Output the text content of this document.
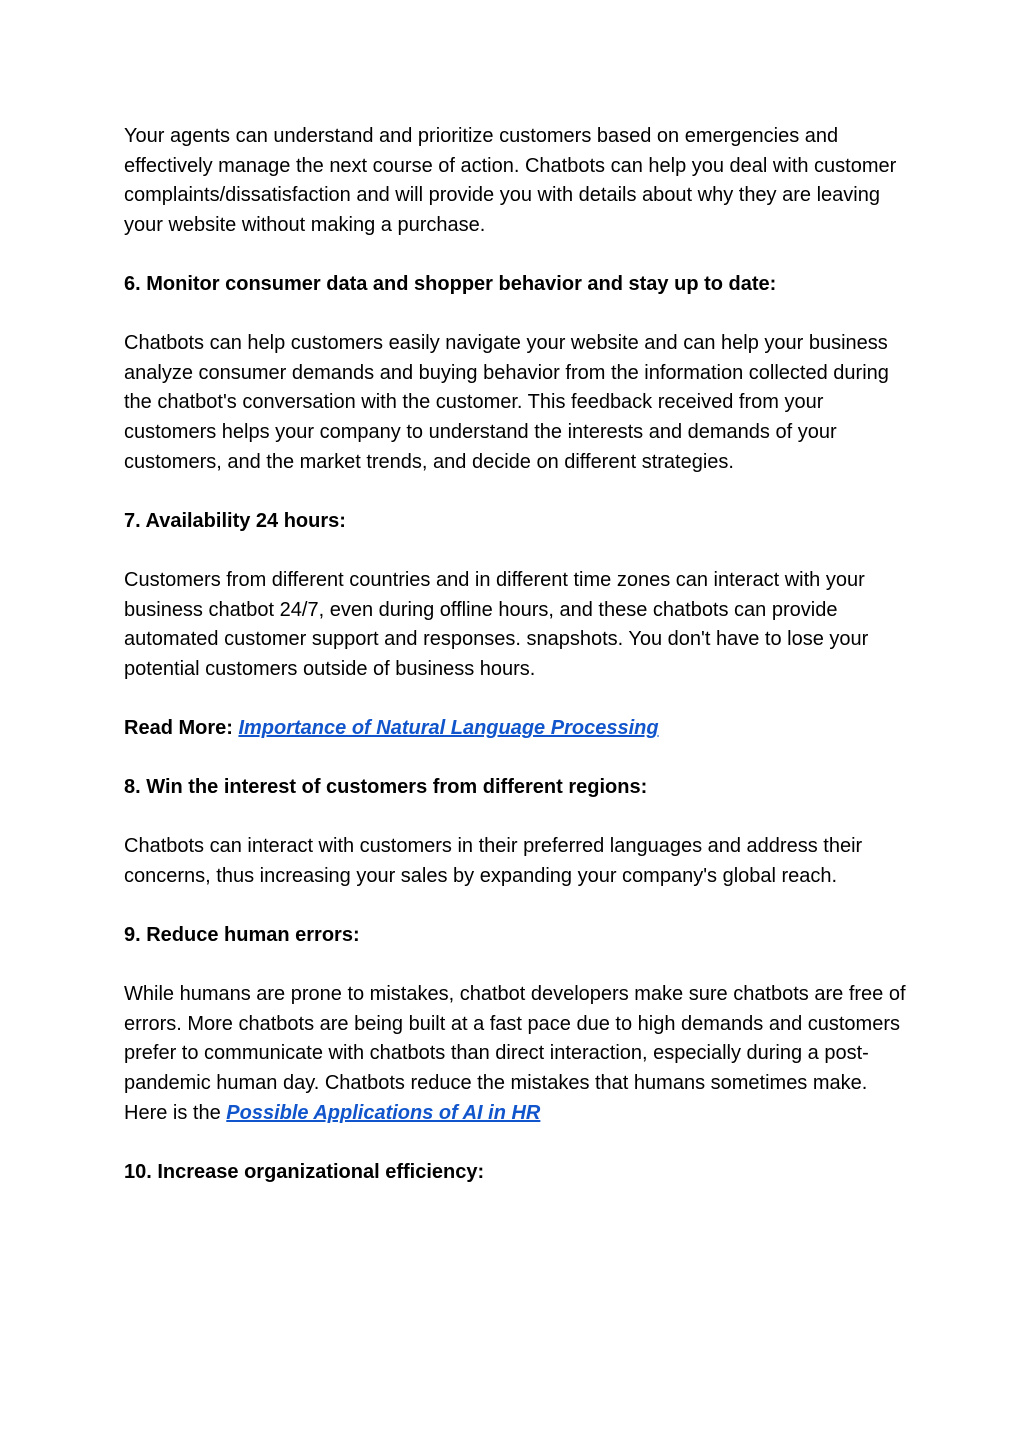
Your agents can understand and prioritize customers based on emergencies and effectively manage the next course of action. Chatbots can help you deal with customer complaints/dissatisfaction and will provide you with details about why they are leaving your website without making a purchase.

6. Monitor consumer data and shopper behavior and stay up to date:

Chatbots can help customers easily navigate your website and can help your business analyze consumer demands and buying behavior from the information collected during the chatbot's conversation with the customer. This feedback received from your customers helps your company to understand the interests and demands of your customers, and the market trends, and decide on different strategies.

7. Availability 24 hours:

Customers from different countries and in different time zones can interact with your business chatbot 24/7, even during offline hours, and these chatbots can provide automated customer support and responses. snapshots. You don't have to lose your potential customers outside of business hours.

Read More: Importance of Natural Language Processing

8. Win the interest of customers from different regions:

Chatbots can interact with customers in their preferred languages and address their concerns, thus increasing your sales by expanding your company's global reach.

9. Reduce human errors:

While humans are prone to mistakes, chatbot developers make sure chatbots are free of errors. More chatbots are being built at a fast pace due to high demands and customers prefer to communicate with chatbots than direct interaction, especially during a post-pandemic human day. Chatbots reduce the mistakes that humans sometimes make. Here is the Possible Applications of AI in HR

10. Increase organizational efficiency:
